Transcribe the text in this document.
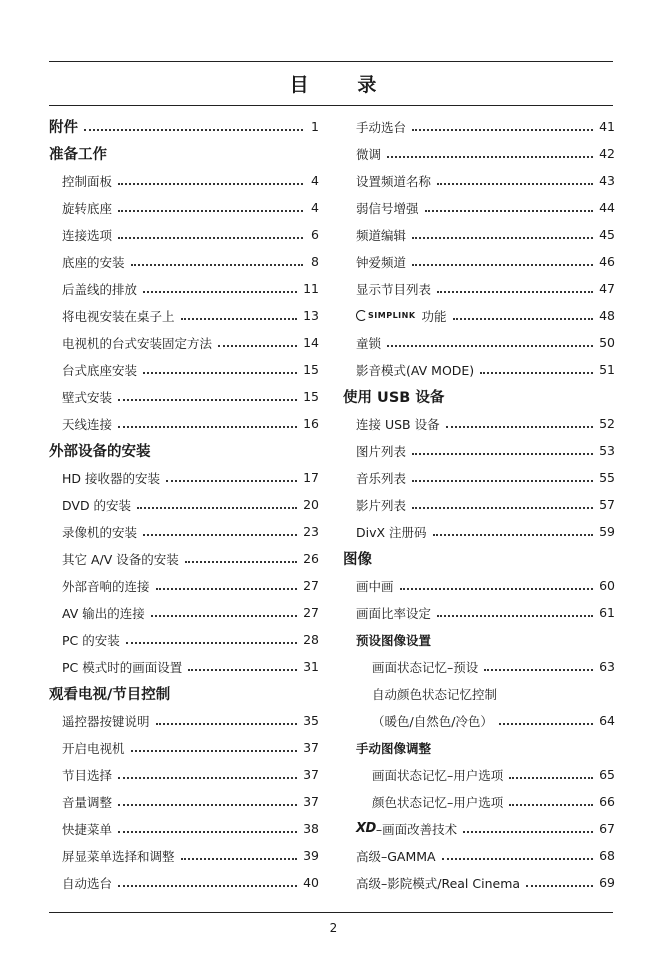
目	录
附件	1
准备工作
控制面板	4
旋转底座	4
连接选项	6
底座的安装	8
后盖线的排放	11
将电视安装在桌子上	13
电视机的台式安装固定方法	14
台式底座安装	15
壁式安装	15
天线连接	16
外部设备的安装
HD 接收器的安装	17
DVD 的安装	20
录像机的安装	23
其它 A/V 设备的安装	26
外部音响的连接	27
AV 输出的连接	27
PC 的安装	28
PC 模式时的画面设置	31
观看电视/节目控制
遥控器按键说明	35
开启电视机	37
节目选择	37
音量调整	37
快捷菜单	38
屏显菜单选择和调整	39
自动选台	40
手动选台	41
微调	42
设置频道名称	43
弱信号增强	44
频道编辑	45
钟爱频道	46
显示节目列表	47
SIMPLINK 功能	48
童锁	50
影音模式(AV MODE)	51
使用 USB 设备
连接 USB 设备	52
图片列表	53
音乐列表	55
影片列表	57
DivX 注册码	59
图像
画中画	60
画面比率设定	61
预设图像设置
画面状态记忆–预设	63
自动颜色状态记忆控制
（暖色/自然色/冷色）	64
手动图像调整
画面状态记忆–用户选项	65
颜色状态记忆–用户选项	66
XD –画面改善技术	67
高级–GAMMA	68
高级–影院模式/Real Cinema	69
2
